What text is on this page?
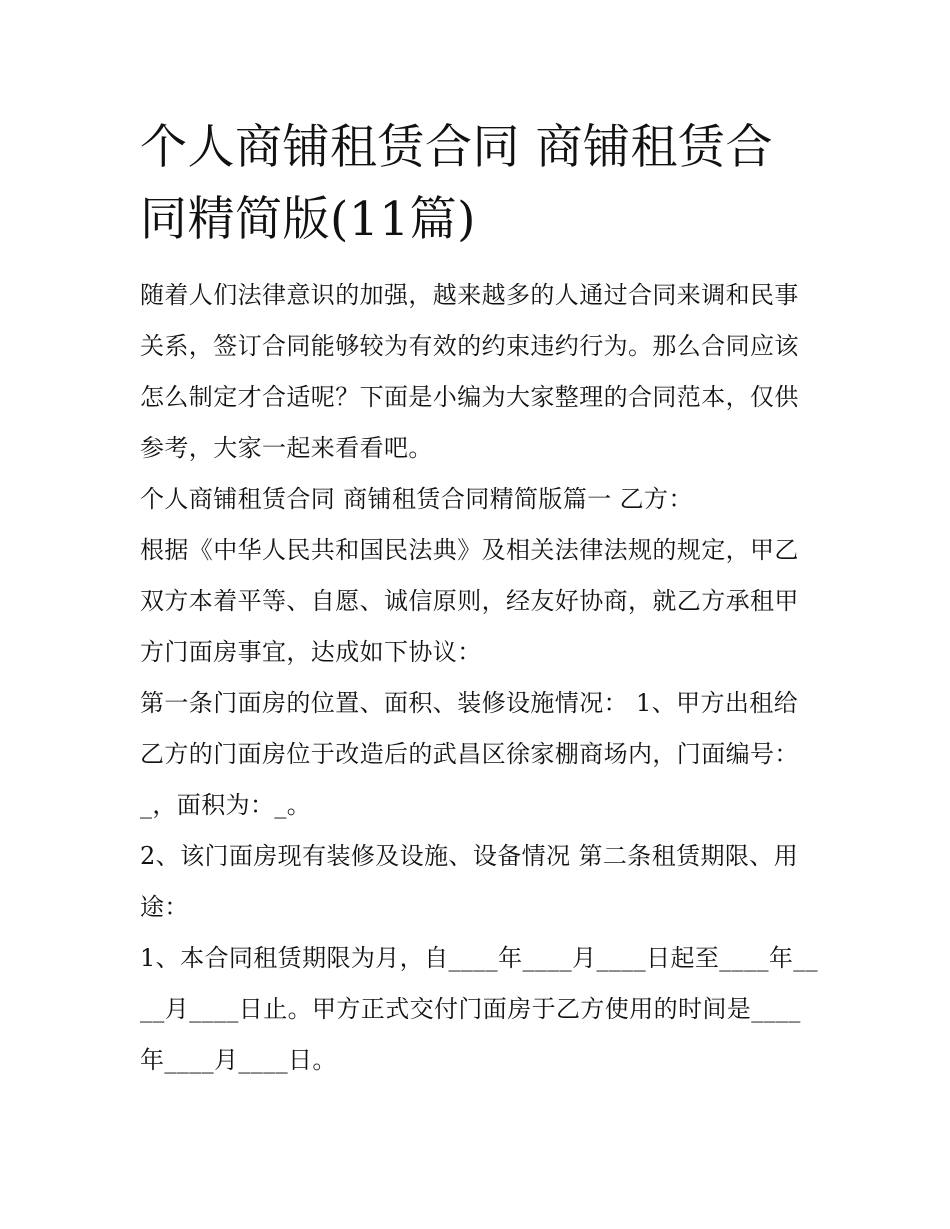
个人商铺租赁合同 商铺租赁合同精简版(11篇)

随着人们法律意识的加强，越来越多的人通过合同来调和民事关系，签订合同能够较为有效的约束违约行为。那么合同应该怎么制定才合适呢？下面是小编为大家整理的合同范本，仅供参考，大家一起来看看吧。

个人商铺租赁合同 商铺租赁合同精简版篇一 乙方：

根据《中华人民共和国民法典》及相关法律法规的规定，甲乙双方本着平等、自愿、诚信原则，经友好协商，就乙方承租甲方门面房事宜，达成如下协议：

第一条门面房的位置、面积、装修设施情况： 1、甲方出租给乙方的门面房位于改造后的武昌区徐家棚商场内，门面编号：_，面积为：_。

2、该门面房现有装修及设施、设备情况 第二条租赁期限、用途：

1、本合同租赁期限为月，自____年____月____日起至____年____月____日止。甲方正式交付门面房于乙方使用的时间是____年____月____日。
